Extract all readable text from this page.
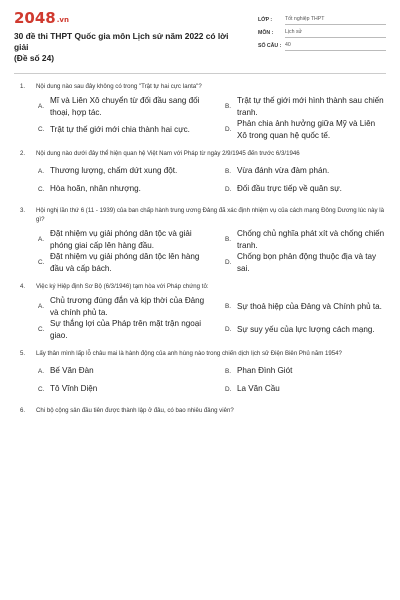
2048.vn
30 đề thi THPT Quốc gia môn Lịch sử năm 2022 có lời giải
(Đề số 24)
LỚP :	Tốt nghiệp THPT
MÔN :	Lịch sử
SỐ CÂU : 40
1.	Nội dung nào sau đây không có trong "Trật tự hai cực Ianta"?
A.
Mĩ và Liên Xô chuyển từ đối đầu sang đối thoại, hợp tác.
B.
Trật tự thế giới mới hình thành sau chiến tranh.
C. Trật tự thế giới mới chia thành hai cực.	D.
Phản chia ảnh hưởng giữa Mỹ và Liên Xô trong quan hệ quốc tế.
2.	Nội dung nào dưới đây thể hiện quan hệ Việt Nam với Pháp từ ngày 2/9/1945 đến trước 6/3/1946
A. Thương lượng, chấm dứt xung đột.	B. Vừa đánh vừa đàm phán.
C. Hòa hoãn, nhân nhượng.	D. Đối đầu trực tiếp về quân sự.
3.	Hội nghị lần thứ 6 (11 - 1939) của ban chấp hành trung ương Đảng đã xác định nhiệm vụ của cách mạng Đông Dương lúc này là gì?
A.
Đặt nhiệm vụ giải phóng dân tộc và giải phóng giai cấp lên hàng đầu.
B.
Chống chủ nghĩa phát xít và chống chiến tranh.
C.
Đặt nhiệm vụ giải phóng dân tộc lên hàng đầu và cấp bách.
D.
Chống bọn phản động thuộc địa và tay sai.
4.	Việc ký Hiệp định Sơ Bộ (6/3/1946) tạm hòa với Pháp chứng tỏ:
A.
Chủ trương đúng đắn và kịp thời của Đảng và chính phủ ta.
B. Sự thoả hiệp của Đảng và Chính phủ ta.
C.
Sự thắng lợi của Pháp trên mặt trận ngoại giao.
D. Sự suy yếu của lực lượng cách mạng.
5.	Lấy thân mình lấp lỗ châu mai là hành động của anh hùng nào trong chiến dịch lịch sử Điện Biên Phủ năm 1954?
A. Bế Văn Đàn	B. Phan Đình Giót
C. Tô Vĩnh Diện	D. La Văn Cầu
6.	Chi bộ cộng sản đầu tiên được thành lập ở đâu, có bao nhiêu đảng viên?
